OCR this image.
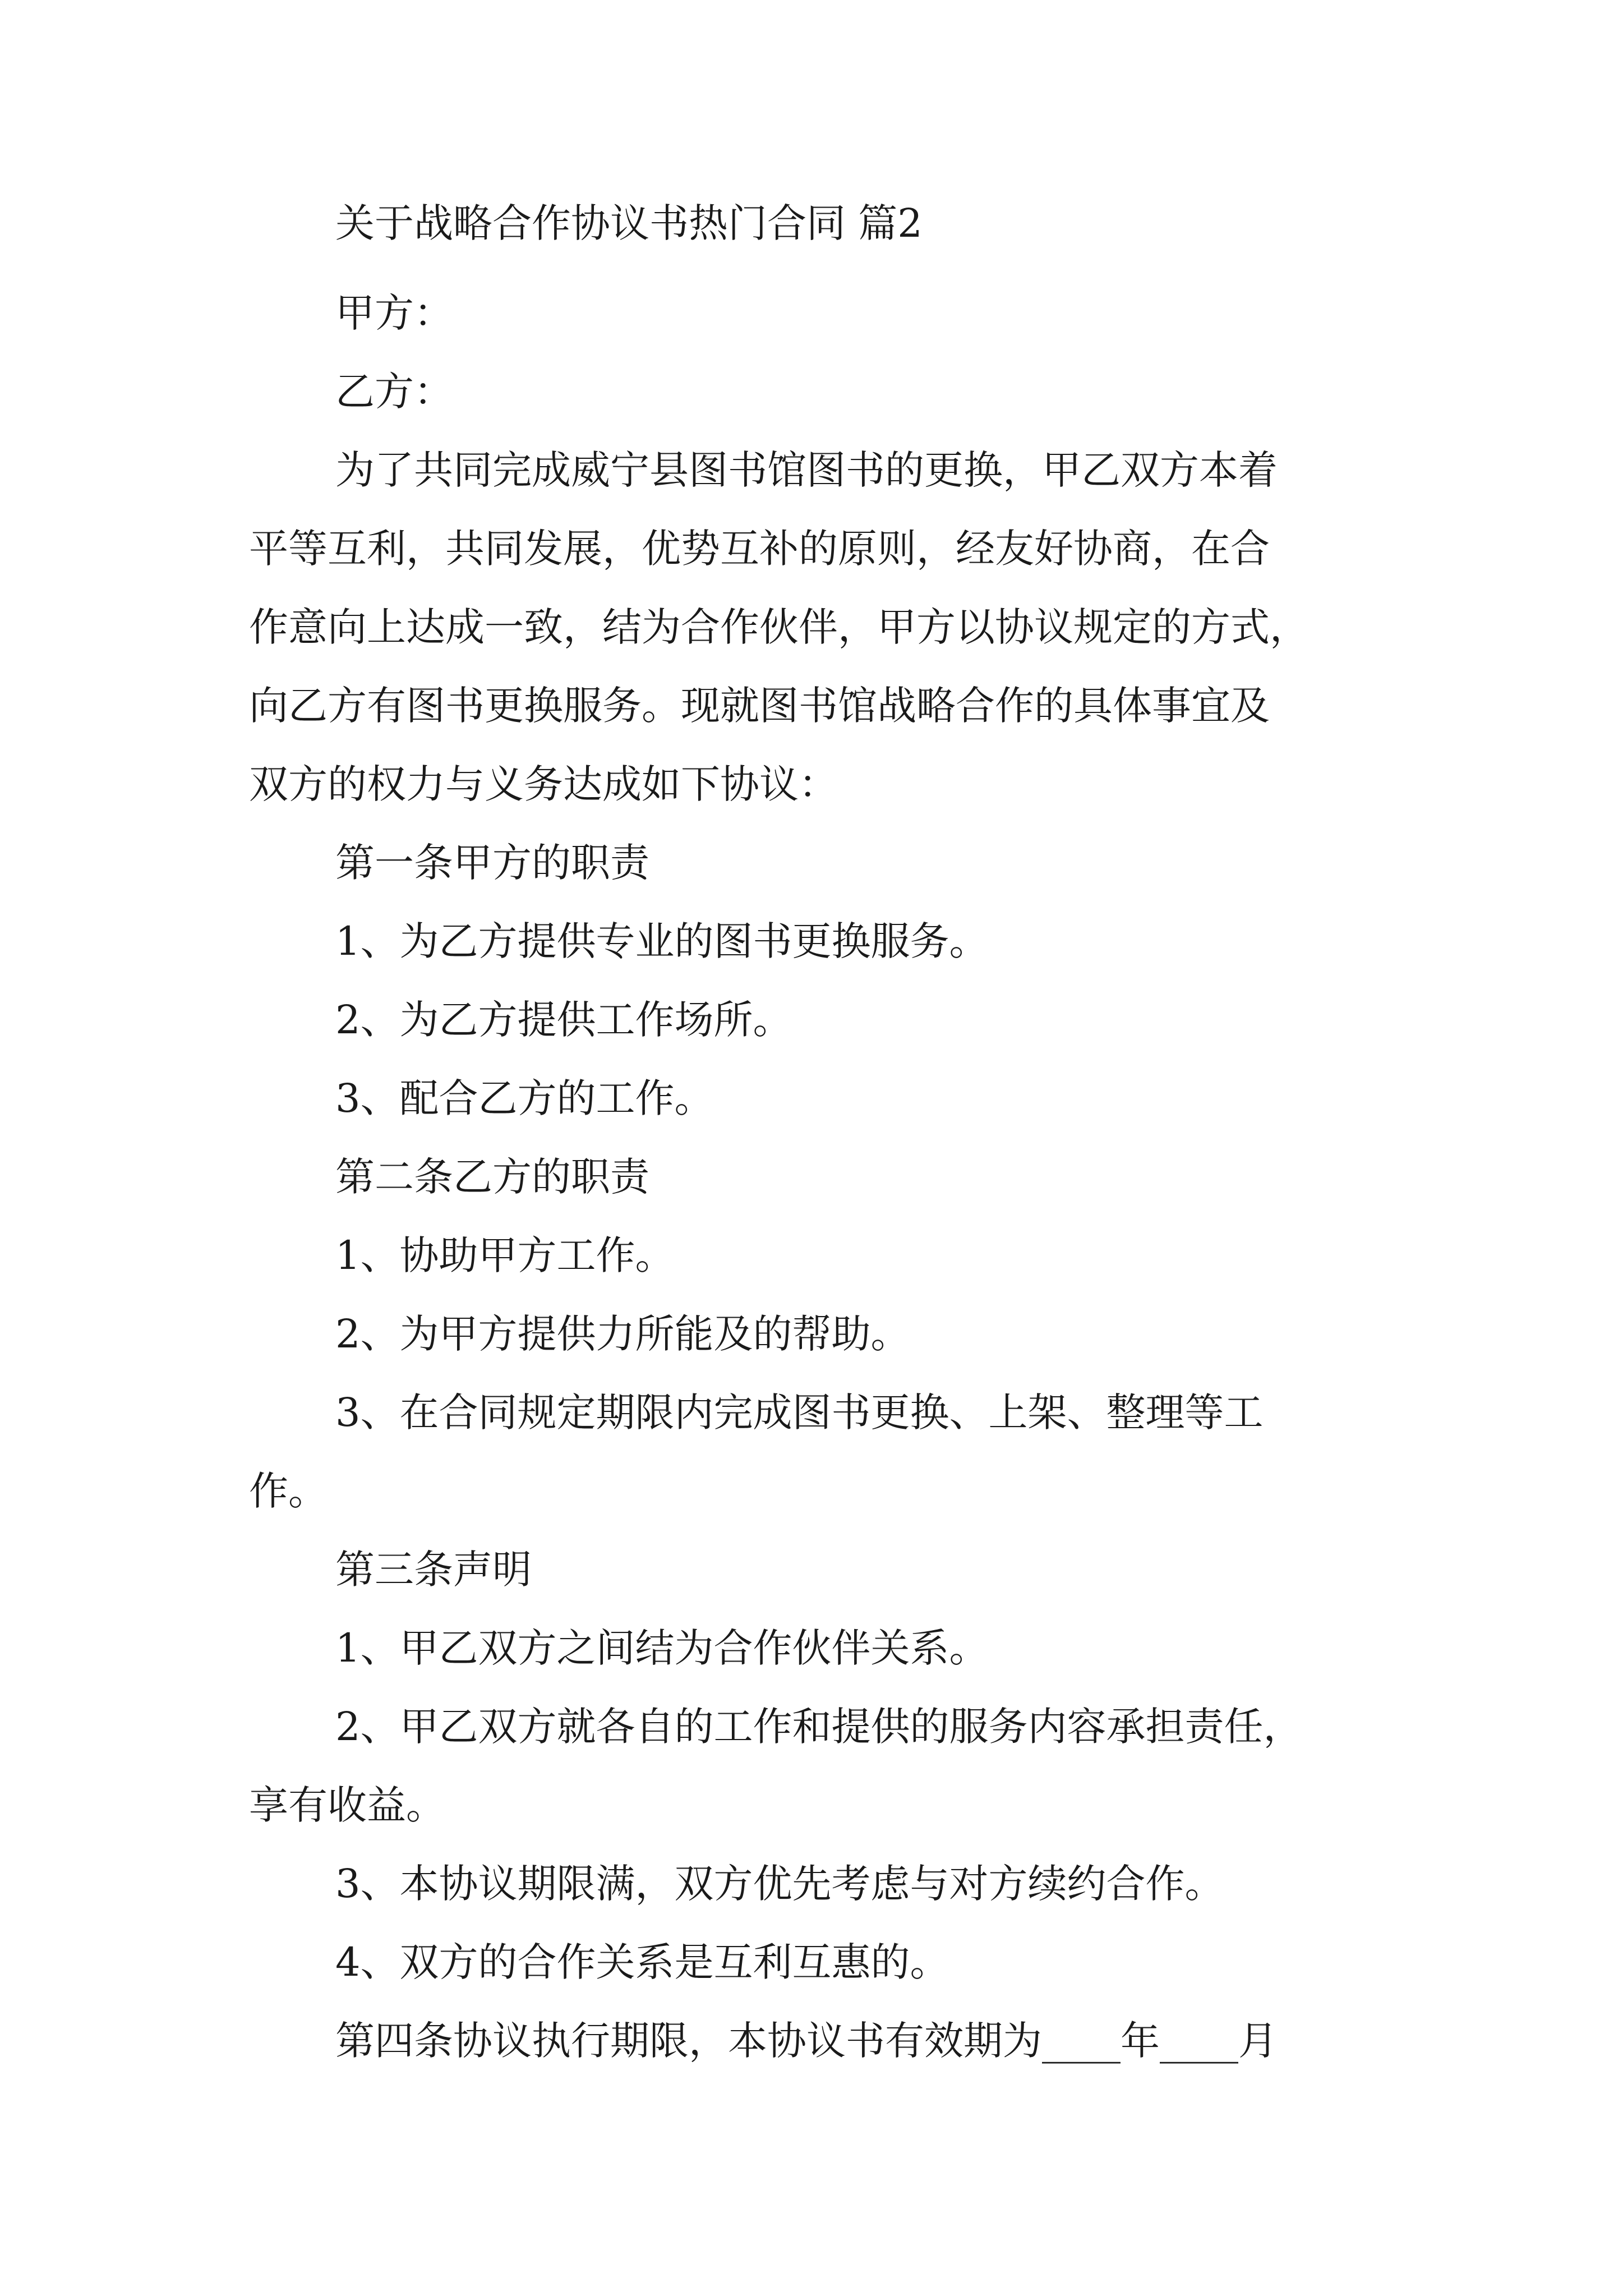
关于战略合作协议书热门合同 篇2
甲方：
乙方：
为了共同完成威宁县图书馆图书的更换，甲乙双方本着
平等互利，共同发展，优势互补的原则，经友好协商，在合
作意向上达成一致，结为合作伙伴，甲方以协议规定的方式，
向乙方有图书更换服务。现就图书馆战略合作的具体事宜及
双方的权力与义务达成如下协议：
第一条甲方的职责
1、为乙方提供专业的图书更换服务。
2、为乙方提供工作场所。
3、配合乙方的工作。
第二条乙方的职责
1、协助甲方工作。
2、为甲方提供力所能及的帮助。
3、在合同规定期限内完成图书更换、上架、整理等工
作。
第三条声明
1、甲乙双方之间结为合作伙伴关系。
2、甲乙双方就各自的工作和提供的服务内容承担责任，
享有收益。
3、本协议期限满，双方优先考虑与对方续约合作。
4、双方的合作关系是互利互惠的。
第四条协议执行期限，本协议书有效期为____年____月
